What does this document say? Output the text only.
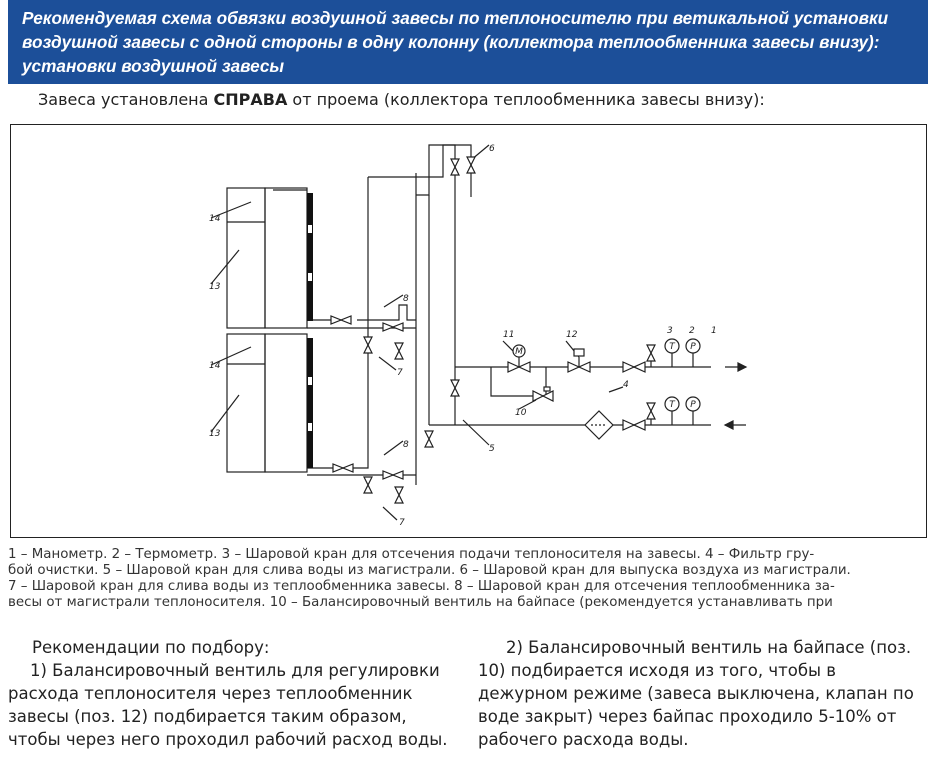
Рекомендуемая схема обвязки воздушной завесы по теплоносителю при ветикальной установки воздушной завесы с одной стороны в одну колонну (коллектора теплообменника завесы внизу): установки воздушной завесы
Завеса установлена СПРАВА от проема (коллектора теплообменника завесы внизу):
M	T P
T P
14
13
14
13
8
7
8
7
6
5
11	12
10
4
3 2 1
1 – Манометр. 2 – Термометр. 3 – Шаровой кран для отсечения подачи теплоносителя на завесы. 4 – Фильтр гру-
бой очистки. 5 – Шаровой кран для слива воды из магистрали. 6 – Шаровой кран для выпуска воздуха из магистрали.
7 – Шаровой кран для слива воды из теплообменника завесы. 8 – Шаровой кран для отсечения теплообменника за-
весы от магистрали теплоносителя. 10 – Балансировочный вентиль на байпасе (рекомендуется устанавливать при
Рекомендации по подбору:
1) Балансировочный вентиль для регулировки расхода теплоносителя через теплообменник завесы (поз. 12) подбирается таким образом, чтобы через него проходил рабочий расход воды.
2) Балансировочный вентиль на байпасе (поз. 10) подбирается исходя из того, чтобы в дежурном режиме (завеса выключена, клапан по воде закрыт) через байпас проходило 5-10% от рабочего расхода воды.
